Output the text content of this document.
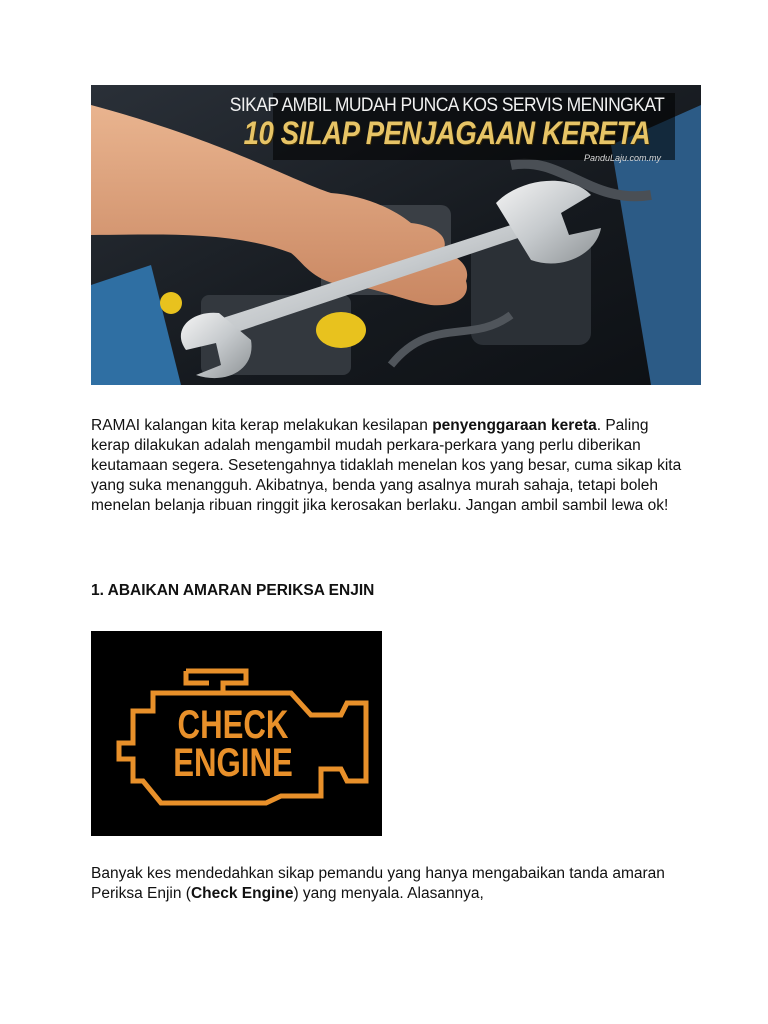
SIKAP AMBIL MUDAH PUNCA KOS SERVIS MENINGKAT
10 SILAP PENJAGAAN KERETA
PanduLaju.com.my

RAMAI kalangan kita kerap melakukan kesilapan penyenggaraan kereta. Paling kerap dilakukan adalah mengambil mudah perkara-perkara yang perlu diberikan keutamaan segera. Sesetengahnya tidaklah menelan kos yang besar, cuma sikap kita yang suka menangguh. Akibatnya, benda yang asalnya murah sahaja, tetapi boleh menelan belanja ribuan ringgit jika kerosakan berlaku. Jangan ambil sambil lewa ok!

1. ABAIKAN AMARAN PERIKSA ENJIN
CHECK
ENGINE

Banyak kes mendedahkan sikap pemandu yang hanya mengabaikan tanda amaran Periksa Enjin (Check Engine) yang menyala. Alasannya,
